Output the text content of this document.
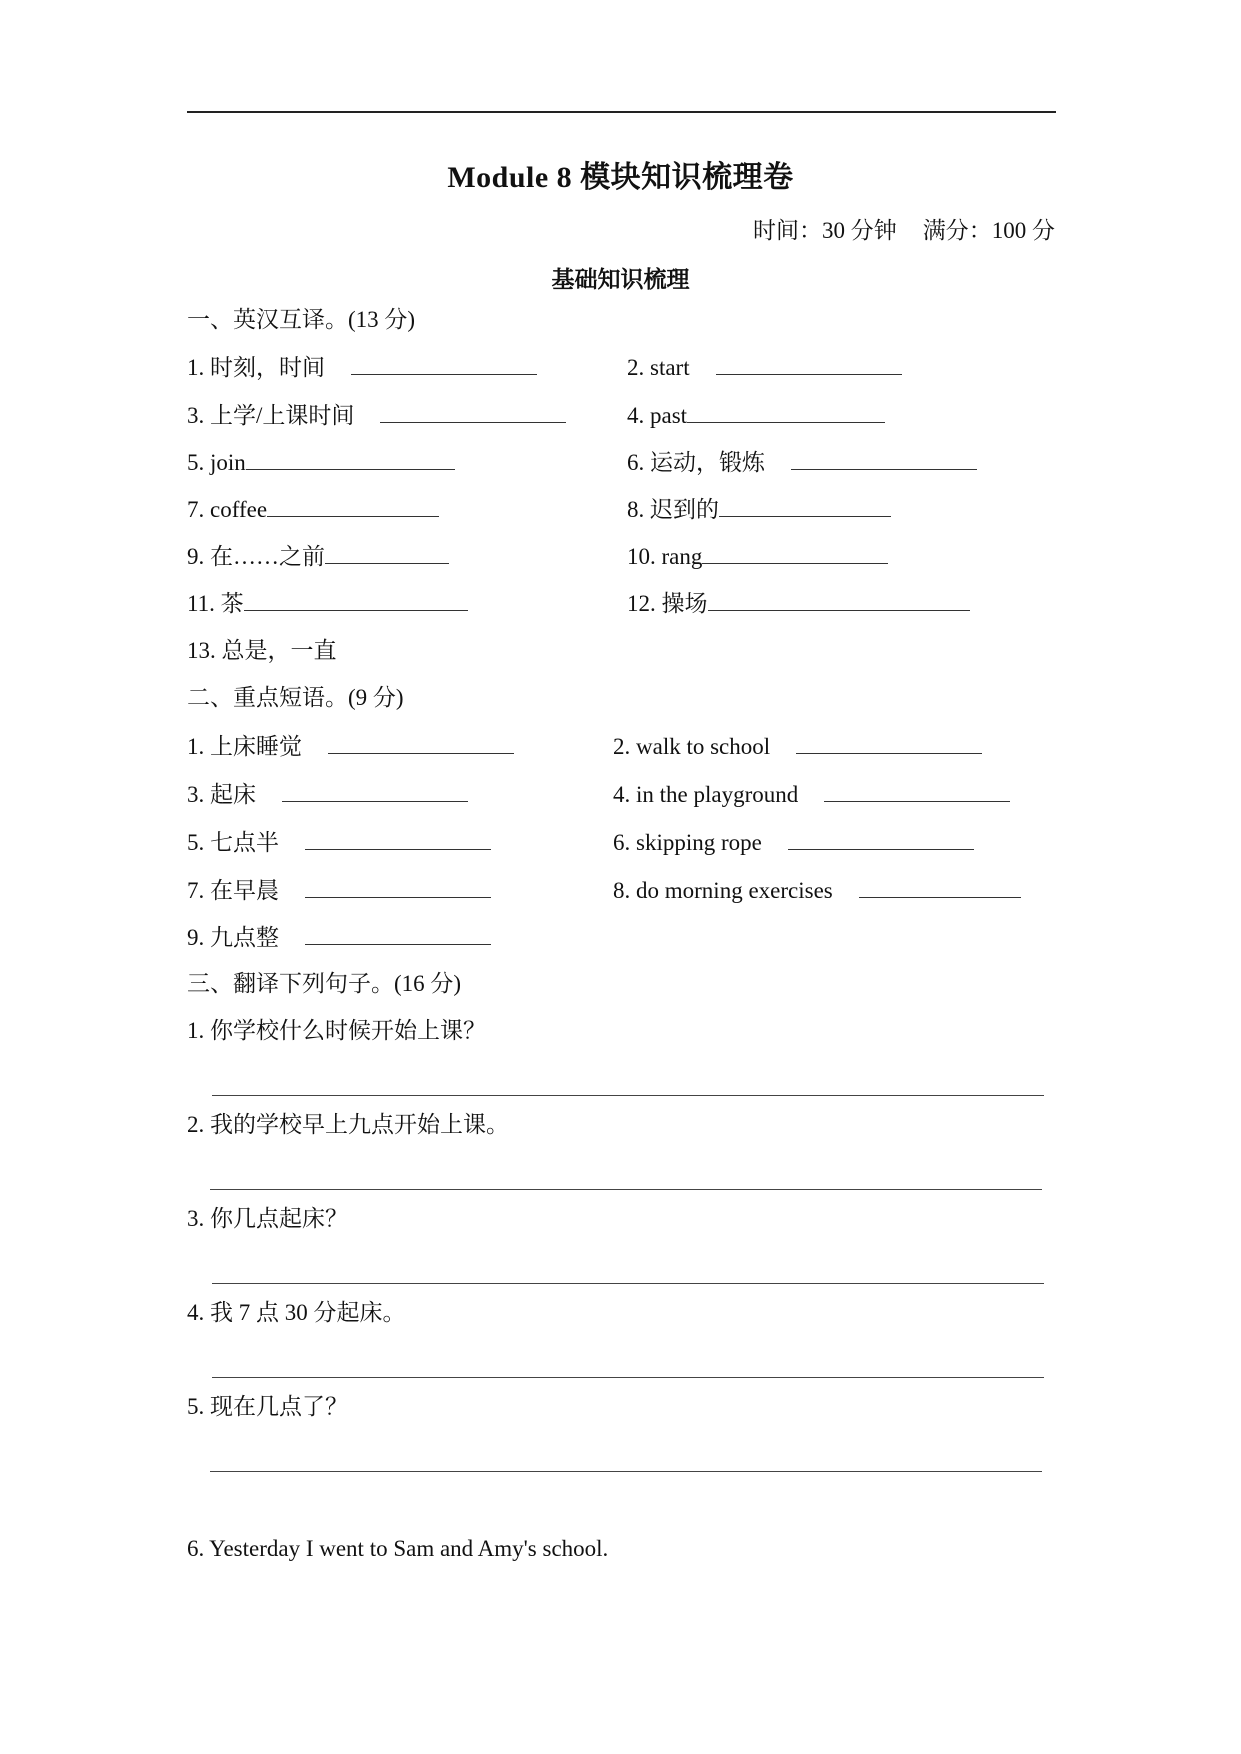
Module 8 模块知识梳理卷
时间：30 分钟 满分：100 分
基础知识梳理
一、英汉互译。(13 分)
1. 时刻，时间	2. start
3. 上学/上课时间	4. past
5. join	6. 运动，锻炼
7. coffee	8. 迟到的
9. 在……之前	10. rang
11. 茶	12. 操场
13. 总是，一直
二、重点短语。(9 分)
1. 上床睡觉	2. walk to school
3. 起床	4. in the playground
5. 七点半	6. skipping rope
7. 在早晨	8. do morning exercises
9. 九点整
三、翻译下列句子。(16 分)
1. 你学校什么时候开始上课？
2. 我的学校早上九点开始上课。
3. 你几点起床？
4. 我 7 点 30 分起床。
5. 现在几点了？
6. Yesterday I went to Sam and Amy's school.
